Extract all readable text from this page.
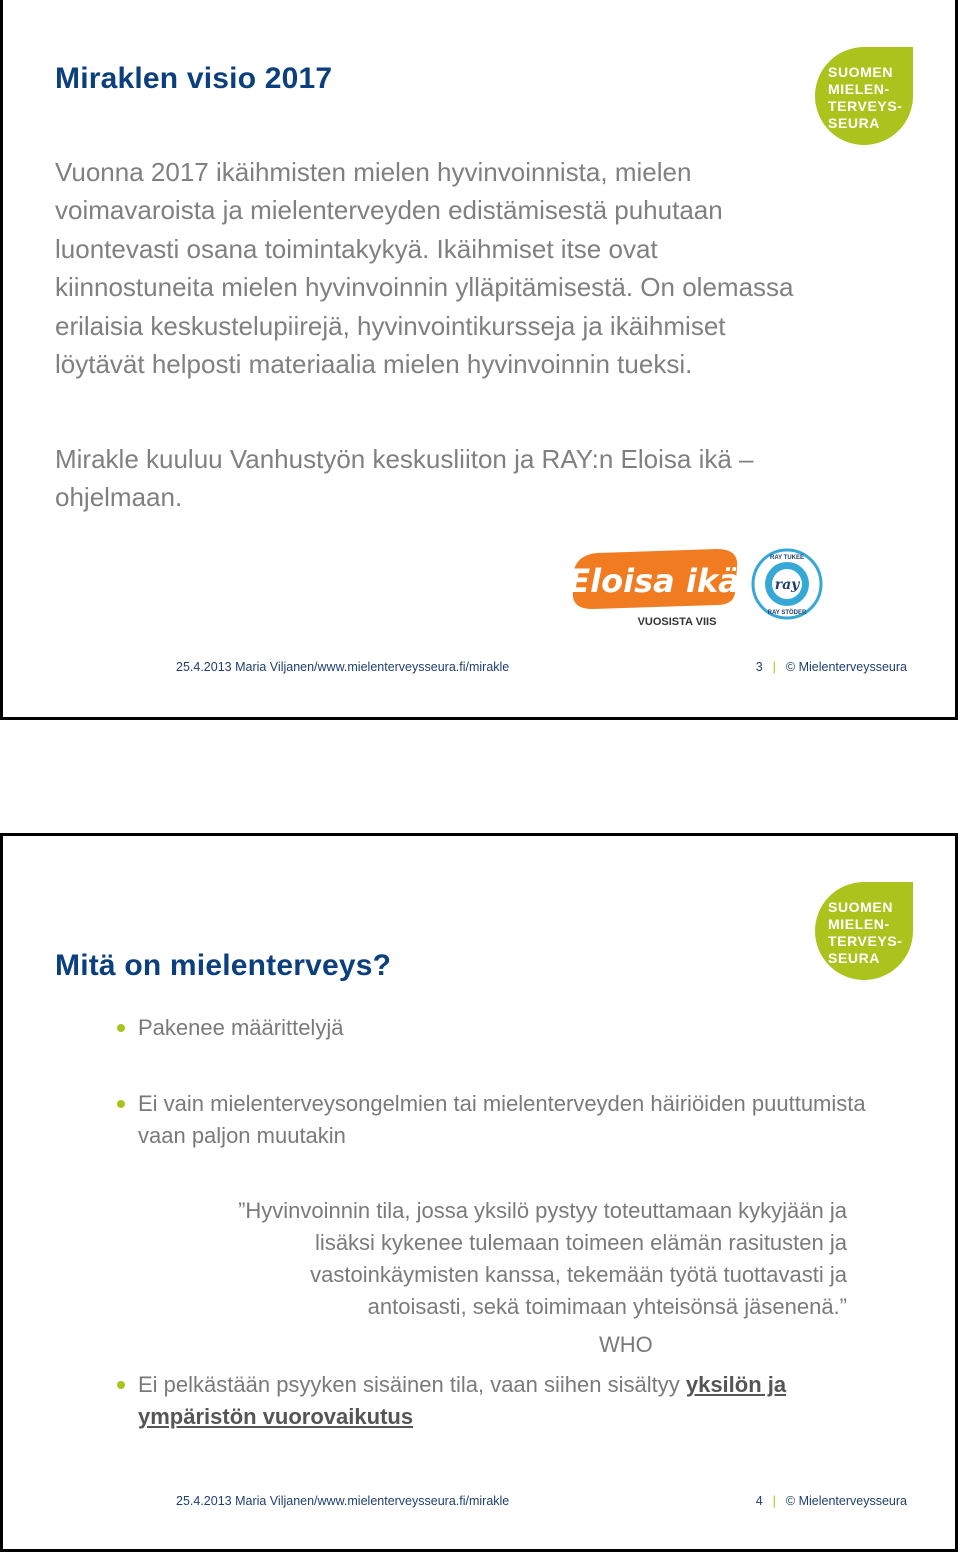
Miraklen visio 2017	SUOMEN
MIELEN-
TERVEYS-
SEURA
Vuonna 2017 ikäihmisten mielen hyvinvoinnista, mielen
voimavaroista ja mielenterveyden edistämisestä puhutaan
luontevasti osana toimintakykyä. Ikäihmiset itse ovat
kiinnostuneita mielen hyvinvoinnin ylläpitämisestä. On olemassa
erilaisia keskustelupiirejä, hyvinvointikursseja ja ikäihmiset
löytävät helposti materiaalia mielen hyvinvoinnin tueksi.
Mirakle kuuluu Vanhustyön keskusliiton ja RAY:n Eloisa ikä –
ohjelmaan.
Eloisa ikä
VUOSISTA VIIS
ray
RAY TUKEE
RAY STÖDER
25.4.2013 Maria Viljanen/www.mielenterveysseura.fi/mirakle	3 | © Mielenterveysseura
Mitä on mielenterveys?
SUOMEN
MIELEN-
TERVEYS-
SEURA
Pakenee määrittelyjä
Ei vain mielenterveysongelmien tai mielenterveyden häiriöiden puuttumista vaan paljon muutakin
”Hyvinvoinnin tila, jossa yksilö pystyy toteuttamaan kykyjään ja
lisäksi kykenee tulemaan toimeen elämän rasitusten ja
vastoinkäymisten kanssa, tekemään työtä tuottavasti ja
antoisasti, sekä toimimaan yhteisönsä jäsenenä.”
WHO
Ei pelkästään psyyken sisäinen tila, vaan siihen sisältyy yksilön ja ympäristön vuorovaikutus
25.4.2013 Maria Viljanen/www.mielenterveysseura.fi/mirakle	4 | © Mielenterveysseura
